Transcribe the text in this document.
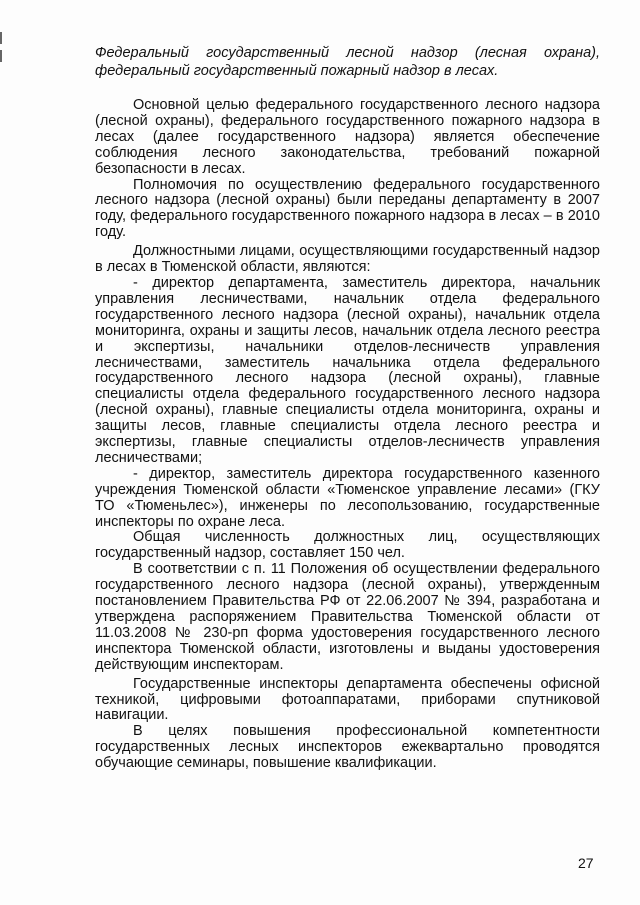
Федеральный государственный лесной надзор (лесная охрана), федеральный государственный пожарный надзор в лесах.

Основной целью федерального государственного лесного надзора (лесной охраны), федерального государственного пожарного надзора в лесах (далее государственного надзора) является обеспечение соблюдения лесного законодательства, требований пожарной безопасности в лесах.

Полномочия по осуществлению федерального государственного лесного надзора (лесной охраны) были переданы департаменту в 2007 году, федерального государственного пожарного надзора в лесах – в 2010 году.

Должностными лицами, осуществляющими государственный надзор в лесах в Тюменской области, являются:

- директор департамента, заместитель директора, начальник управления лесничествами, начальник отдела федерального государственного лесного надзора (лесной охраны), начальник отдела мониторинга, охраны и защиты лесов, начальник отдела лесного реестра и экспертизы, начальники отделов-лесничеств управления лесничествами, заместитель начальника отдела федерального государственного лесного надзора (лесной охраны), главные специалисты отдела федерального государственного лесного надзора (лесной охраны), главные специалисты отдела мониторинга, охраны и защиты лесов, главные специалисты отдела лесного реестра и экспертизы, главные специалисты отделов-лесничеств управления лесничествами;

- директор, заместитель директора государственного казенного учреждения Тюменской области «Тюменское управление лесами» (ГКУ ТО «Тюменьлес»), инженеры по лесопользованию, государственные инспекторы по охране леса.

Общая численность должностных лиц, осуществляющих государственный надзор, составляет 150 чел.

В соответствии с п. 11 Положения об осуществлении федерального государственного лесного надзора (лесной охраны), утвержденным постановлением Правительства РФ от 22.06.2007 № 394, разработана и утверждена распоряжением Правительства Тюменской области от 11.03.2008 № 230-рп форма удостоверения государственного лесного инспектора Тюменской области, изготовлены и выданы удостоверения действующим инспекторам.

Государственные инспекторы департамента обеспечены офисной техникой, цифровыми фотоаппаратами, приборами спутниковой навигации.

В целях повышения профессиональной компетентности государственных лесных инспекторов ежеквартально проводятся обучающие семинары, повышение квалификации.

27
